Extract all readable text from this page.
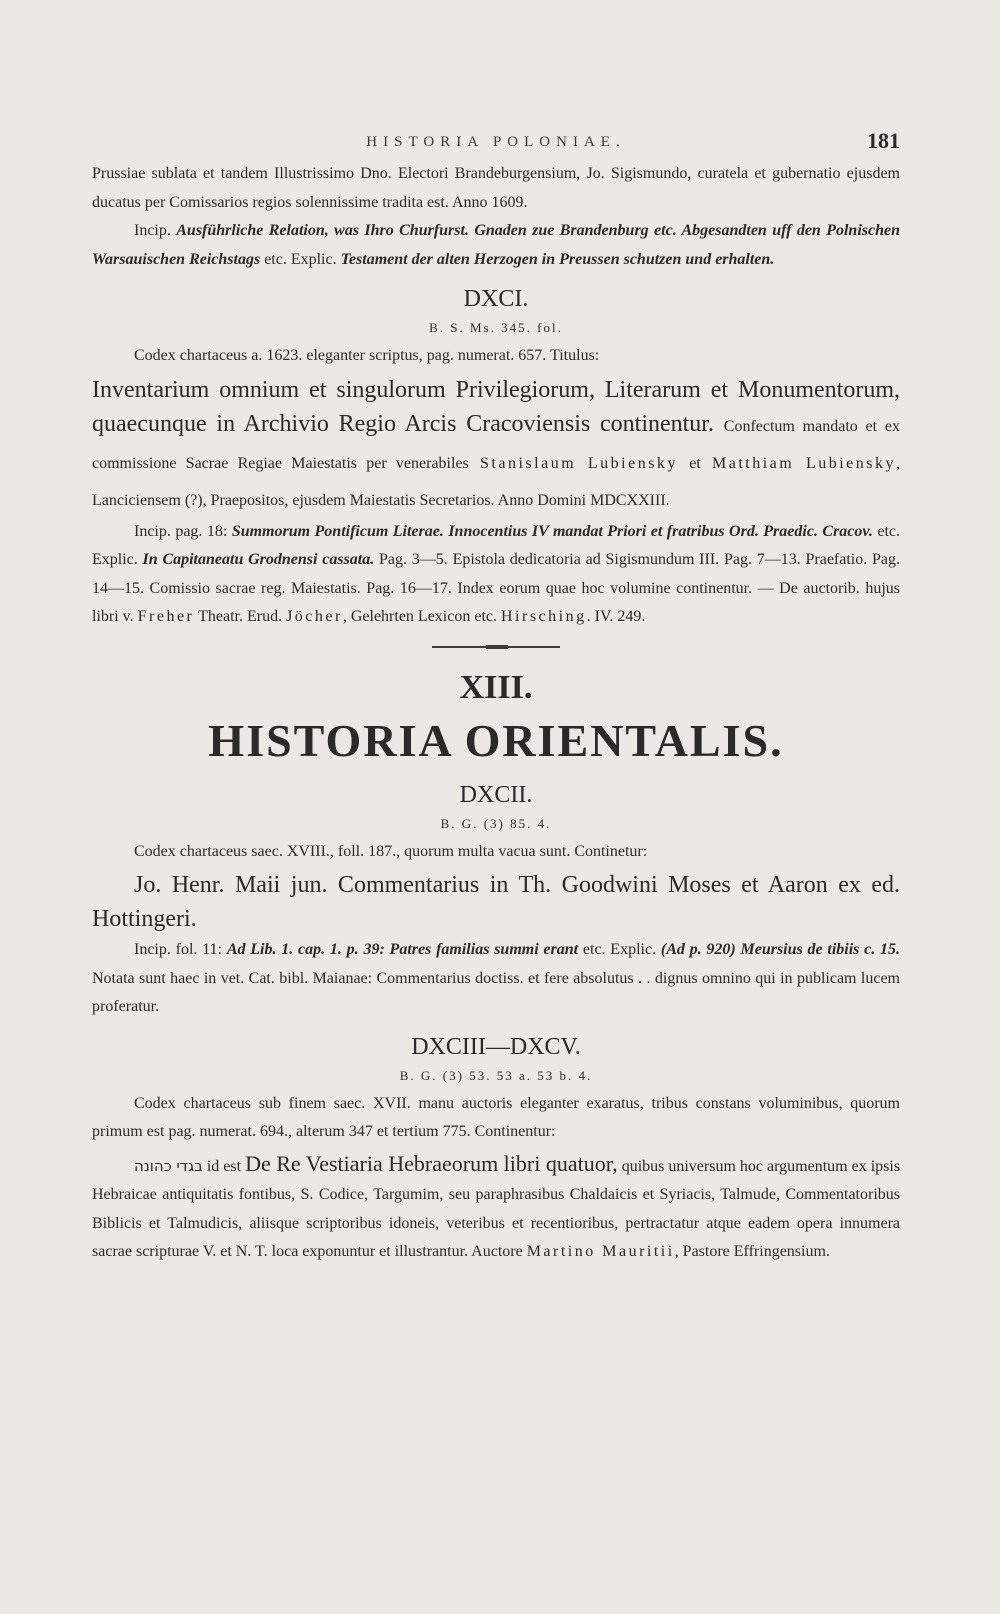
HISTORIA POLONIAE.	181

Prussiae sublata et tandem Illustrissimo Dno. Electori Brandeburgensium, Jo. Sigismundo, curatela et gubernatio ejusdem ducatus per Comissarios regios solennissime tradita est. Anno 1609.

Incip. Ausführliche Relation, was Ihro Churfurst. Gnaden zue Brandenburg etc. Abgesandten uff den Polnischen Warsauischen Reichstags etc. Explic. Testament der alten Herzogen in Preussen schutzen und erhalten.

DXCI.
B. S. Ms. 345. fol.

Codex chartaceus a. 1623. eleganter scriptus, pag. numerat. 657. Titulus:

Inventarium omnium et singulorum Privilegiorum, Literarum et Monumentorum, quaecunque in Archivio Regio Arcis Cracoviensis continentur. Confectum mandato et ex commissione Sacrae Regiae Maiestatis per venerabiles Stanislaum Lubiensky et Matthiam Lubiensky, Lanciciensem (?), Praepositos, ejusdem Maiestatis Secretarios. Anno Domini MDCXXIII.

Incip. pag. 18: Summorum Pontificum Literae. Innocentius IV mandat Priori et fratribus Ord. Praedic. Cracov. etc. Explic. In Capitaneatu Grodnensi cassata. Pag. 3—5. Epistola dedicatoria ad Sigismundum III. Pag. 7—13. Praefatio. Pag. 14—15. Comissio sacrae reg. Maiestatis. Pag. 16—17. Index eorum quae hoc volumine continentur. — De auctorib. hujus libri v. Freher Theatr. Erud. Jöcher, Gelehrten Lexicon etc. Hirsching. IV. 249.

XIII.
HISTORIA ORIENTALIS.
DXCII.
B. G. (3) 85. 4.

Codex chartaceus saec. XVIII., foll. 187., quorum multa vacua sunt. Continetur:

Jo. Henr. Maii jun. Commentarius in Th. Goodwini Moses et Aaron ex ed. Hottingeri.

Incip. fol. 11: Ad Lib. 1. cap. 1. p. 39: Patres familias summi erant etc. Explic. (Ad p. 920) Meursius de tibiis c. 15. Notata sunt haec in vet. Cat. bibl. Maianae: Commentarius doctiss. et fere absolutus . . dignus omnino qui in publicam lucem proferatur.

DXCIII—DXCV.
B. G. (3) 53. 53 a. 53 b. 4.

Codex chartaceus sub finem saec. XVII. manu auctoris eleganter exaratus, tribus constans voluminibus, quorum primum est pag. numerat. 694., alterum 347 et tertium 775. Continentur:

בגדי כהונה id est De Re Vestiaria Hebraeorum libri quatuor, quibus universum hoc argumentum ex ipsis Hebraicae antiquitatis fontibus, S. Codice, Targumim, seu paraphrasibus Chaldaicis et Syriacis, Talmude, Commentatoribus Biblicis et Talmudicis, aliisque scriptoribus idoneis, veteribus et recentioribus, pertractatur atque eadem opera innumera sacrae scripturae V. et N. T. loca exponuntur et illustrantur. Auctore Martino Mauritii, Pastore Effringensium.
